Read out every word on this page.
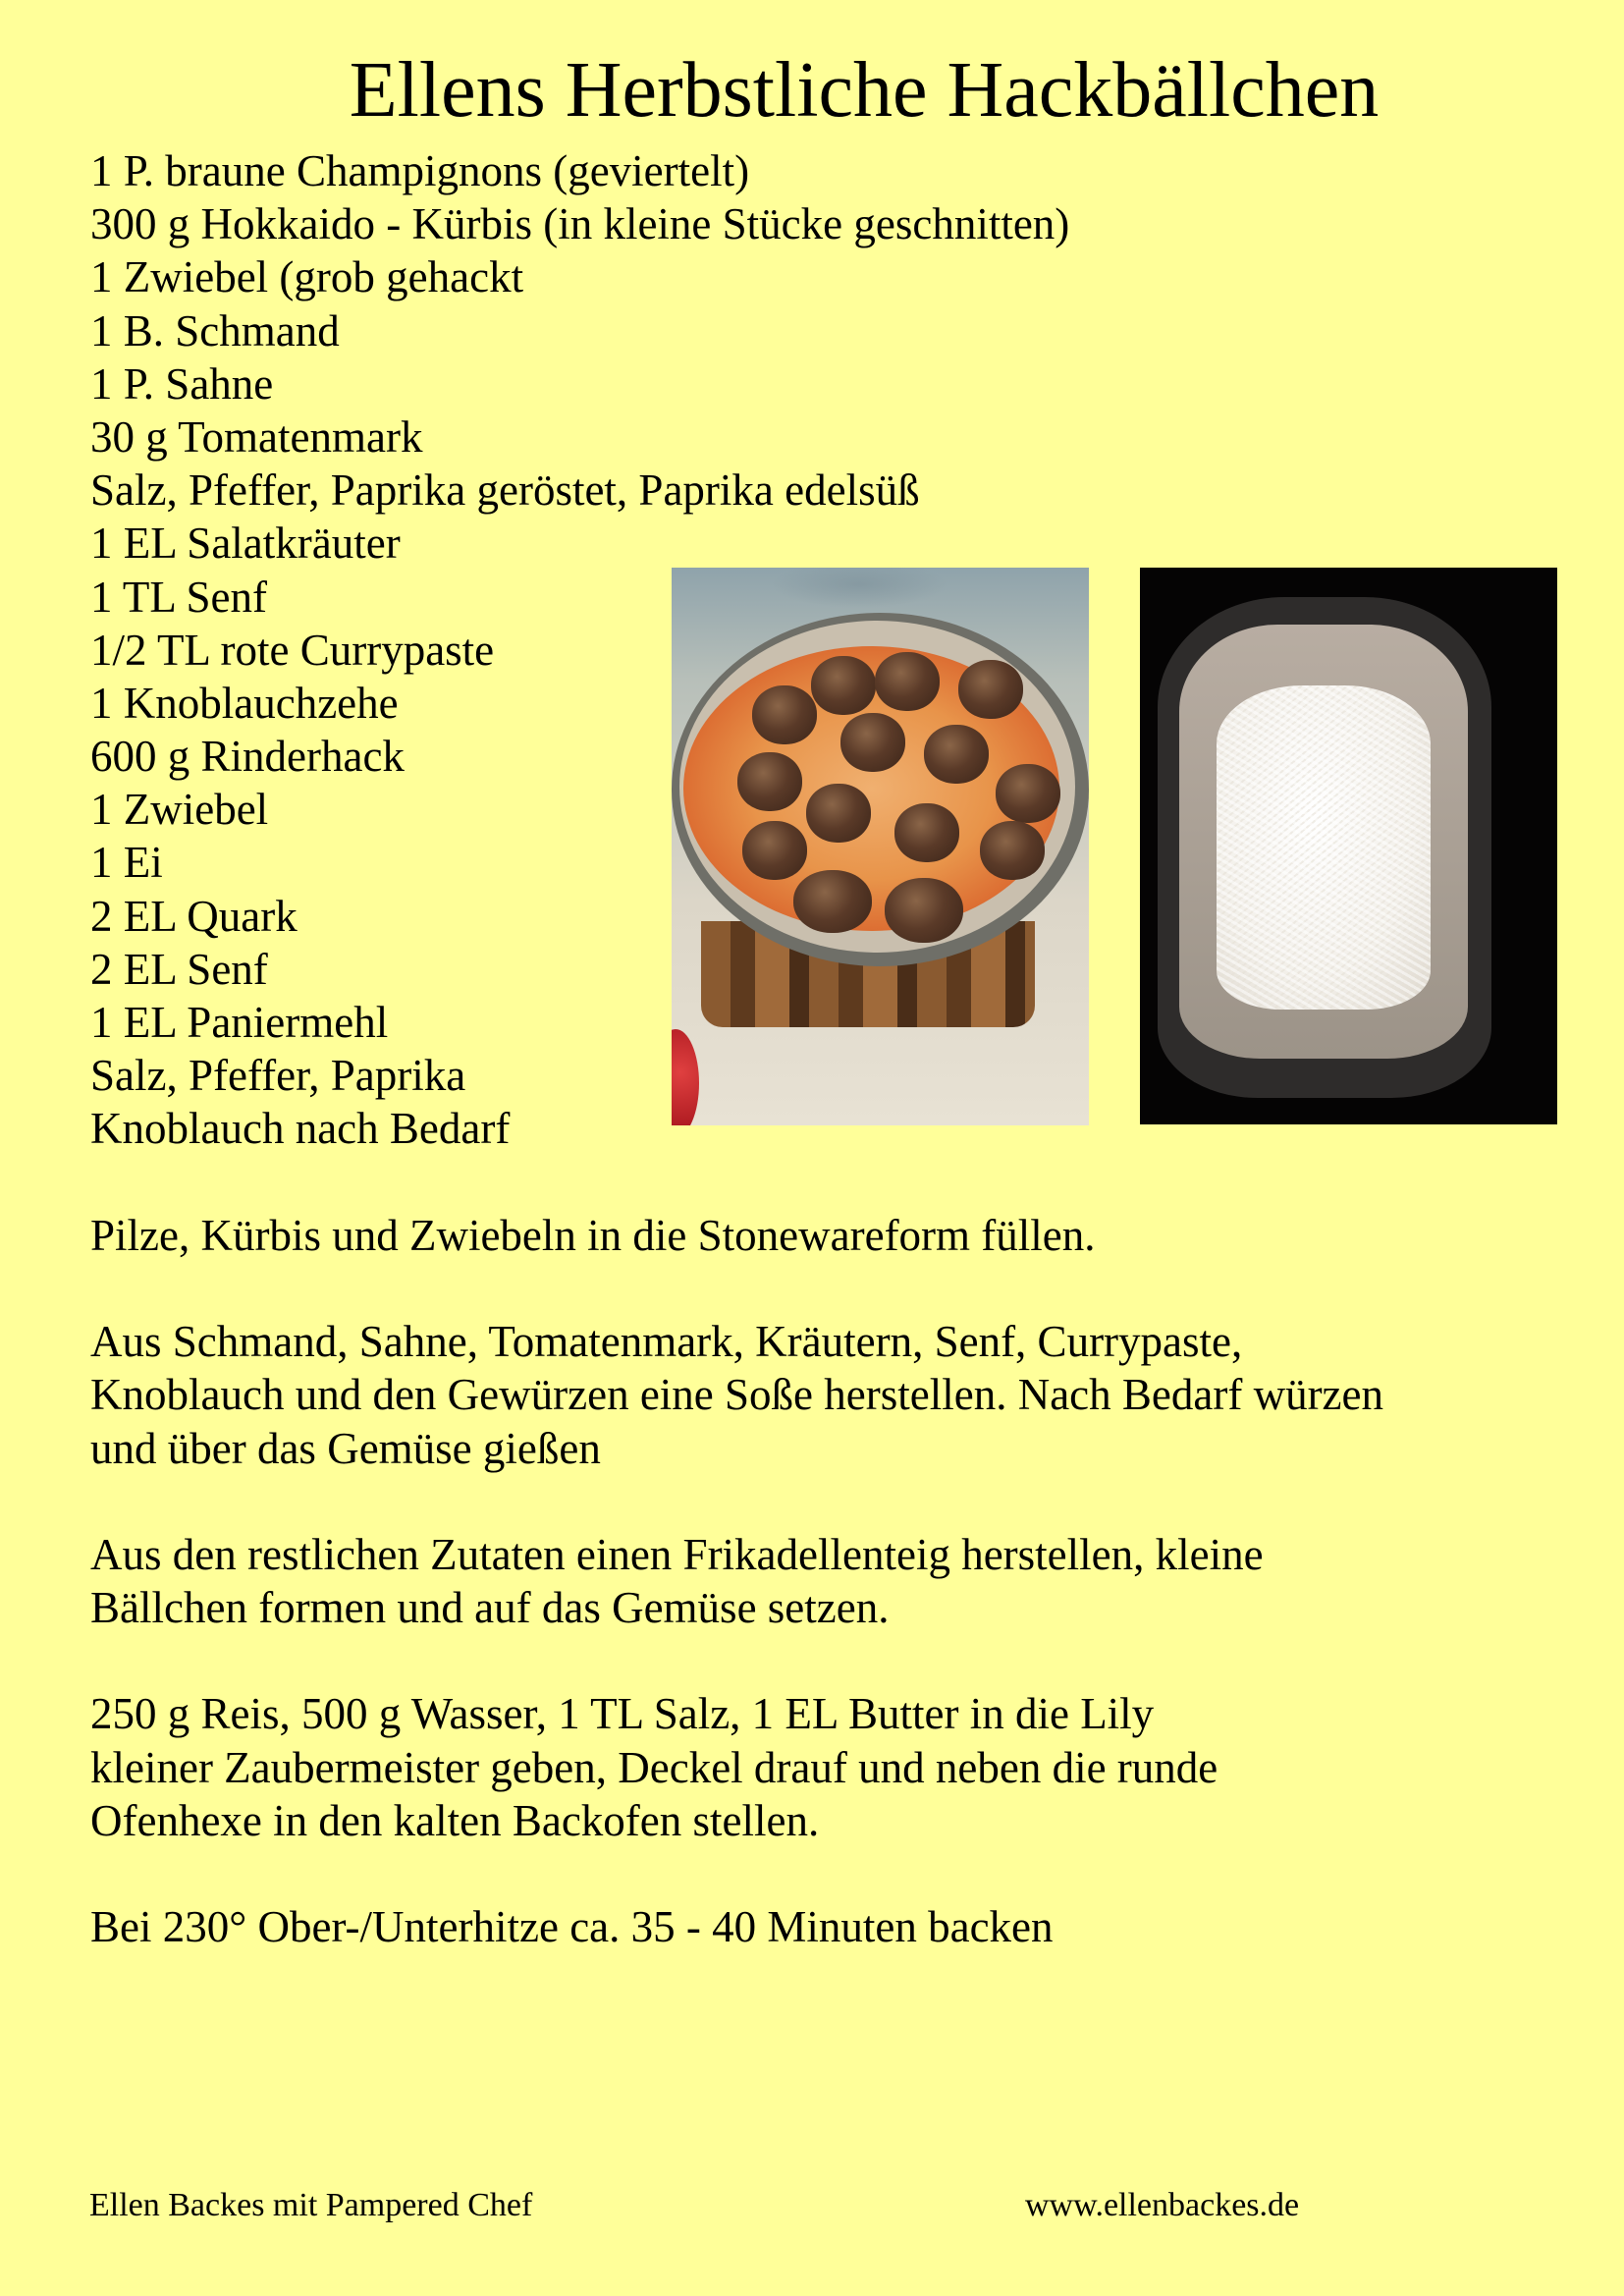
Ellens Herbstliche Hackbällchen
1 P. braune Champignons (geviertelt)
300 g Hokkaido - Kürbis (in kleine Stücke geschnitten)
1 Zwiebel (grob gehackt
1 B. Schmand
1 P. Sahne
30 g Tomatenmark
Salz, Pfeffer, Paprika geröstet, Paprika edelsüß
1 EL Salatkräuter
1 TL Senf
1/2 TL rote Currypaste
1 Knoblauchzehe
600 g Rinderhack
1 Zwiebel
1 Ei
2 EL Quark
2 EL Senf
1 EL Paniermehl
Salz, Pfeffer, Paprika
Knoblauch nach Bedarf
Pilze, Kürbis und Zwiebeln in die Stonewareform füllen.
Aus Schmand, Sahne, Tomatenmark, Kräutern, Senf, Currypaste,
Knoblauch und den Gewürzen eine Soße herstellen. Nach Bedarf würzen
und über das Gemüse gießen
Aus den restlichen Zutaten einen Frikadellenteig herstellen, kleine
Bällchen formen und auf das Gemüse setzen.
250 g Reis, 500 g Wasser, 1 TL Salz, 1 EL Butter in die Lily
kleiner Zaubermeister geben, Deckel drauf und neben die runde
Ofenhexe in den kalten Backofen stellen.
Bei 230° Ober-/Unterhitze ca. 35 - 40 Minuten backen
Ellen Backes mit Pampered Chef	www.ellenbackes.de
